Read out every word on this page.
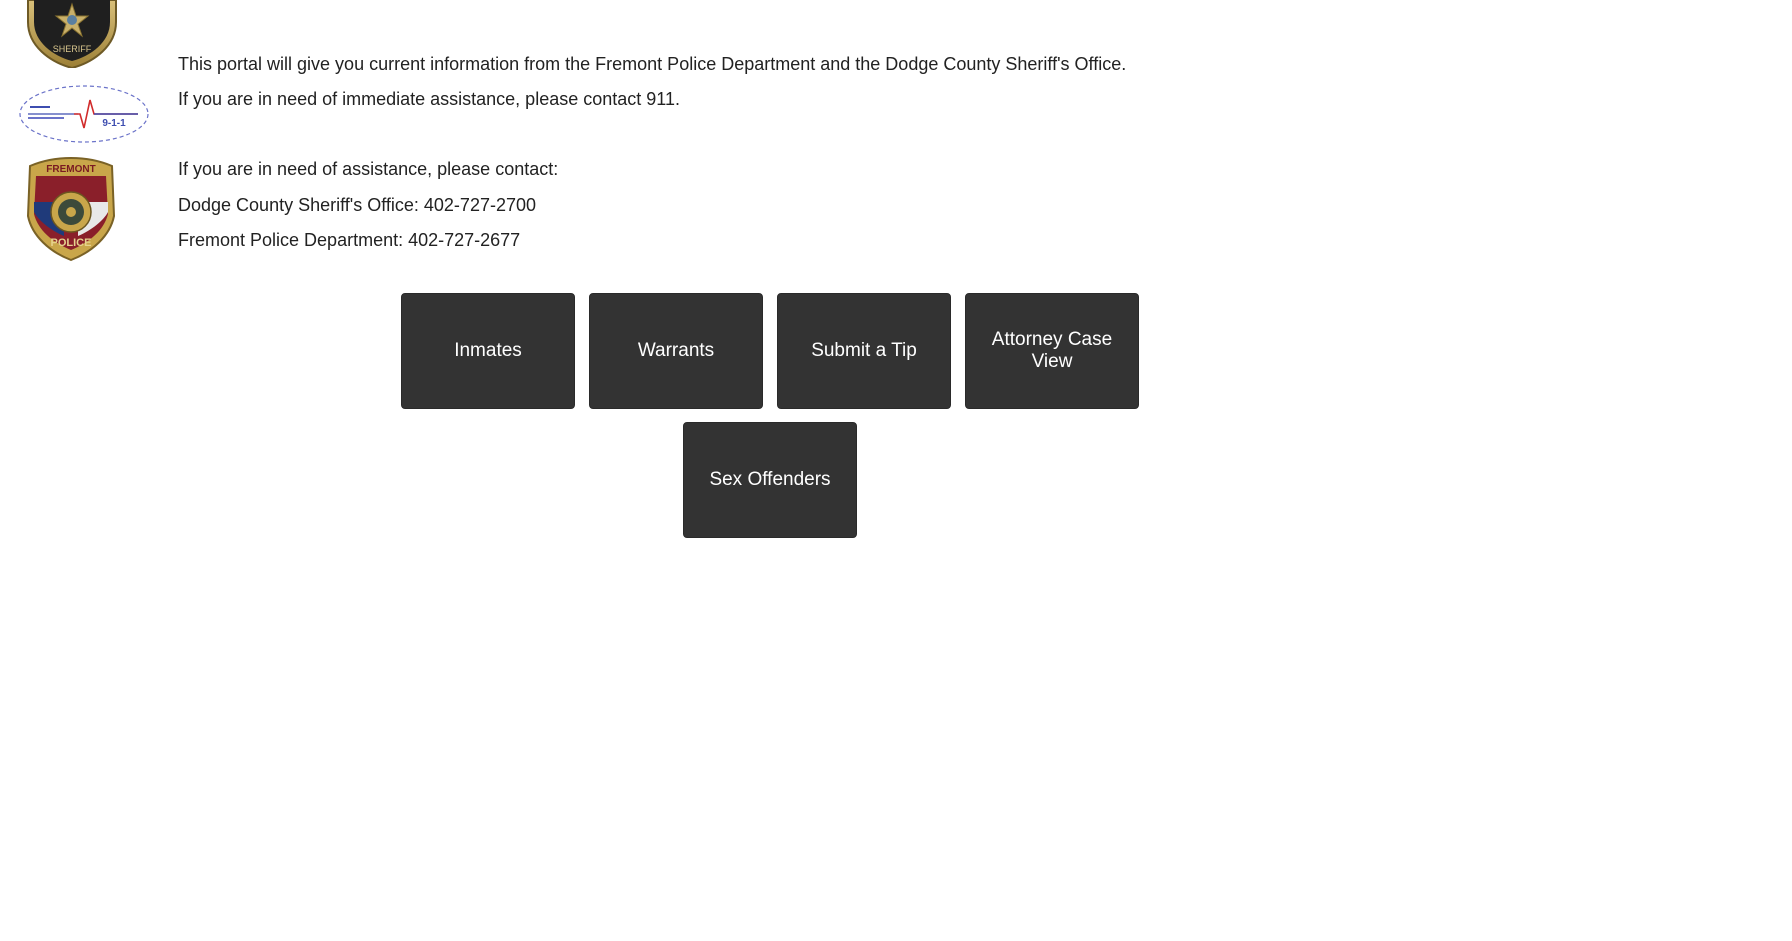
SHERIFF
9-1-1
FREMONT
POLICE
This portal will give you current information from the Fremont Police Department and the Dodge County Sheriff's Office.
If you are in need of immediate assistance, please contact 911.
If you are in need of assistance, please contact:
Dodge County Sheriff's Office: 402-727-2700
Fremont Police Department: 402-727-2677
Inmates	Warrants	Submit a Tip
Attorney Case View
Sex Offenders
